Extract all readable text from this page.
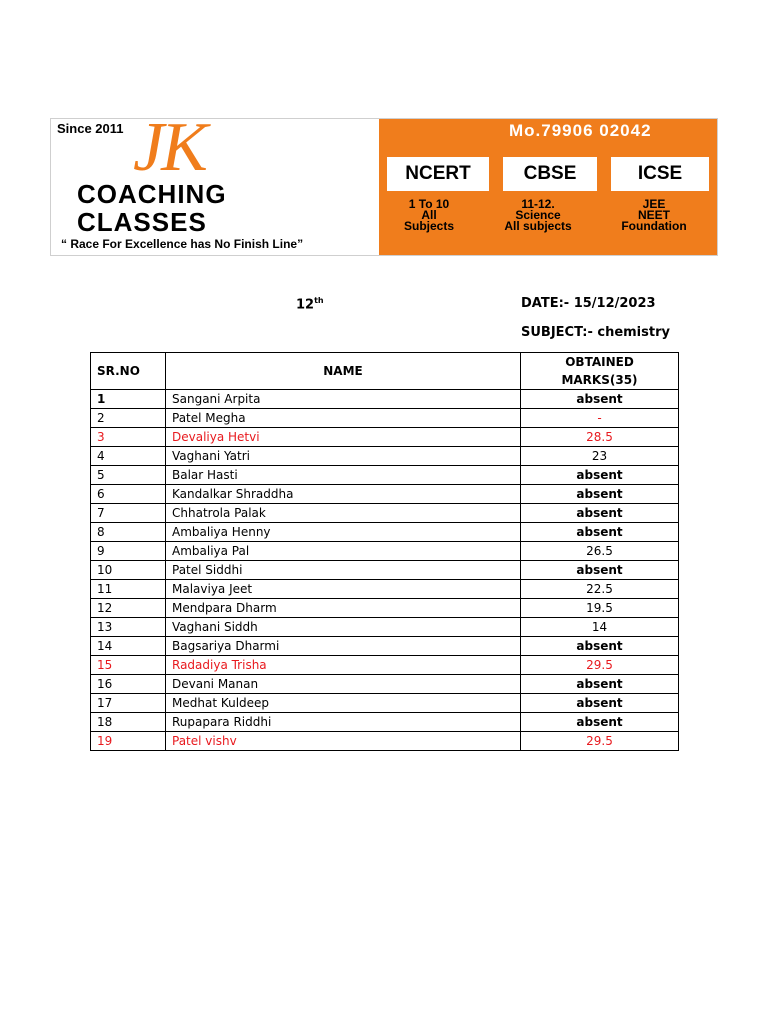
Since 2011 JK
COACHING
CLASSES
“ Race For Excellence has No Finish Line”
Mo.79906 02042
NCERT	CBSE	ICSE
1 To 10
All
Subjects
11-12.
Science
All subjects
JEE
NEET
Foundation
12th	DATE:- 15/12/2023
SUBJECT:- chemistry
SR.NO	NAME	OBTAINED MARKS(35)
1	Sangani Arpita	absent
2	Patel Megha	-
3	Devaliya Hetvi	28.5
4	Vaghani Yatri	23
5	Balar Hasti	absent
6	Kandalkar Shraddha	absent
7	Chhatrola Palak	absent
8	Ambaliya Henny	absent
9	Ambaliya Pal	26.5
10	Patel Siddhi	absent
11	Malaviya Jeet	22.5
12	Mendpara Dharm	19.5
13	Vaghani Siddh	14
14	Bagsariya Dharmi	absent
15	Radadiya Trisha	29.5
16	Devani Manan	absent
17	Medhat Kuldeep	absent
18	Rupapara Riddhi	absent
19	Patel vishv	29.5
